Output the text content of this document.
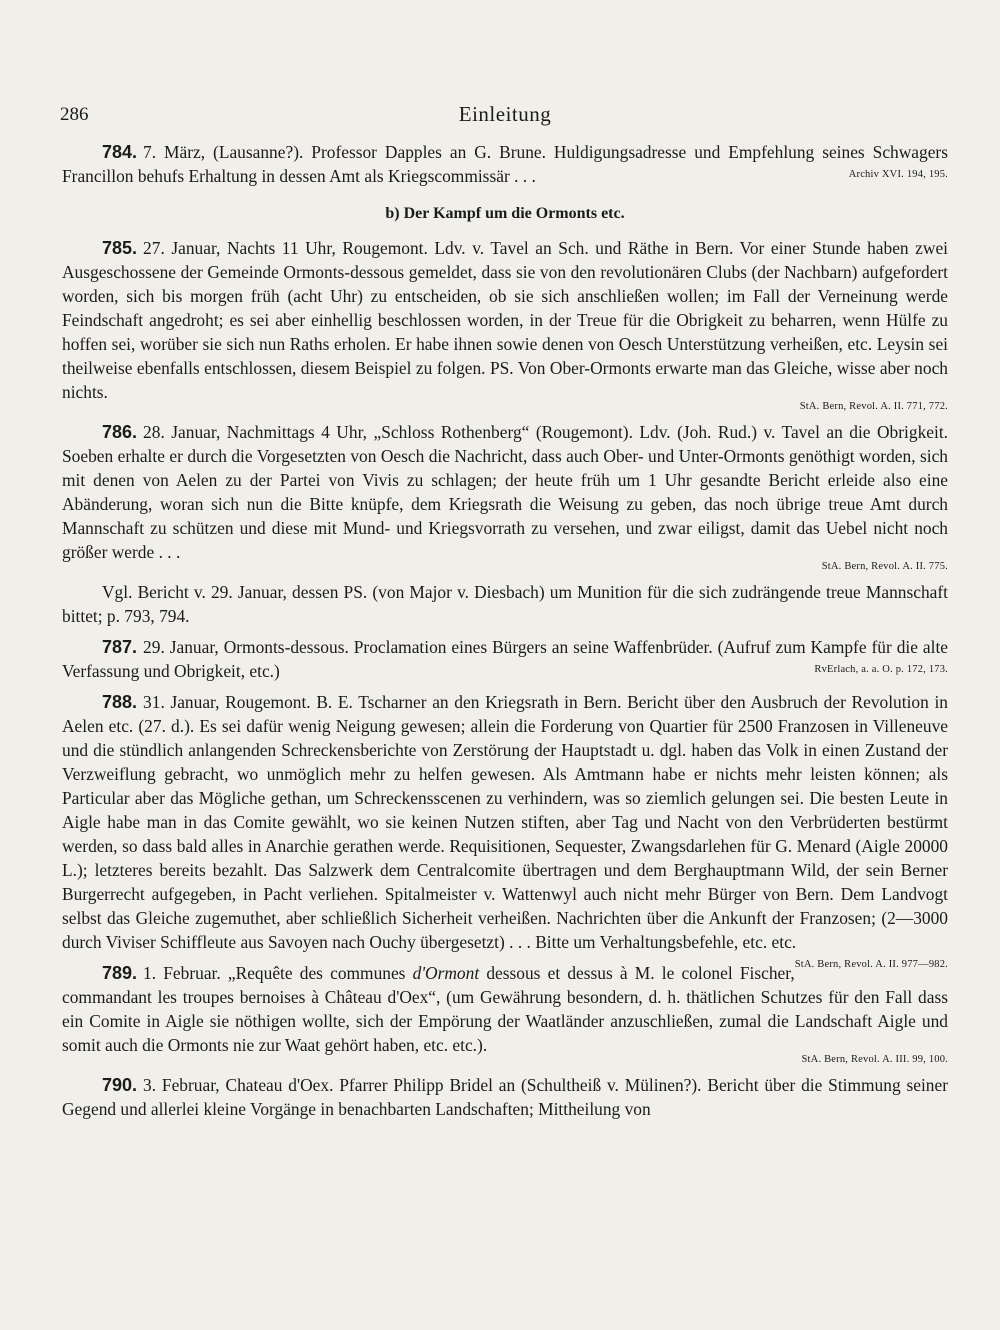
286	Einleitung

784. 7. März, (Lausanne?). Professor Dapples an G. Brune. Huldigungsadresse und Empfehlung seines Schwagers Francillon behufs Erhaltung in dessen Amt als Kriegscommissär . . .	Archiv XVI. 194, 195.

b) Der Kampf um die Ormonts etc.

785. 27. Januar, Nachts 11 Uhr, Rougemont. Ldv. v. Tavel an Sch. und Räthe in Bern. Vor einer Stunde haben zwei Ausgeschossene der Gemeinde Ormonts-dessous gemeldet, dass sie von den revolutionären Clubs (der Nachbarn) aufgefordert worden, sich bis morgen früh (acht Uhr) zu entscheiden, ob sie sich anschließen wollen; im Fall der Verneinung werde Feindschaft angedroht; es sei aber einhellig beschlossen worden, in der Treue für die Obrigkeit zu beharren, wenn Hülfe zu hoffen sei, worüber sie sich nun Raths erholen. Er habe ihnen sowie denen von Oesch Unterstützung verheißen, etc. Leysin sei theilweise ebenfalls entschlossen, diesem Beispiel zu folgen. PS. Von Ober-Ormonts erwarte man das Gleiche, wisse aber noch nichts.
StA. Bern, Revol. A. II. 771, 772.

786. 28. Januar, Nachmittags 4 Uhr, „Schloss Rothenberg“ (Rougemont). Ldv. (Joh. Rud.) v. Tavel an die Obrigkeit. Soeben erhalte er durch die Vorgesetzten von Oesch die Nachricht, dass auch Ober- und Unter-Ormonts genöthigt worden, sich mit denen von Aelen zu der Partei von Vivis zu schlagen; der heute früh um 1 Uhr gesandte Bericht erleide also eine Abänderung, woran sich nun die Bitte knüpfe, dem Kriegsrath die Weisung zu geben, das noch übrige treue Amt durch Mannschaft zu schützen und diese mit Mund- und Kriegsvorrath zu versehen, und zwar eiligst, damit das Uebel nicht noch größer werde . . .
StA. Bern, Revol. A. II. 775.

Vgl. Bericht v. 29. Januar, dessen PS. (von Major v. Diesbach) um Munition für die sich zudrängende treue Mannschaft bittet; p. 793, 794.

787. 29. Januar, Ormonts-dessous. Proclamation eines Bürgers an seine Waffenbrüder. (Aufruf zum Kampfe für die alte Verfassung und Obrigkeit, etc.)	RvErlach, a. a. O. p. 172, 173.

788. 31. Januar, Rougemont. B. E. Tscharner an den Kriegsrath in Bern. Bericht über den Ausbruch der Revolution in Aelen etc. (27. d.). Es sei dafür wenig Neigung gewesen; allein die Forderung von Quartier für 2500 Franzosen in Villeneuve und die stündlich anlangenden Schreckensberichte von Zerstörung der Hauptstadt u. dgl. haben das Volk in einen Zustand der Verzweiflung gebracht, wo unmöglich mehr zu helfen gewesen. Als Amtmann habe er nichts mehr leisten können; als Particular aber das Mögliche gethan, um Schreckensscenen zu verhindern, was so ziemlich gelungen sei. Die besten Leute in Aigle habe man in das Comite gewählt, wo sie keinen Nutzen stiften, aber Tag und Nacht von den Verbrüderten bestürmt werden, so dass bald alles in Anarchie gerathen werde. Requisitionen, Sequester, Zwangsdarlehen für G. Menard (Aigle 20000 L.); letzteres bereits bezahlt. Das Salzwerk dem Centralcomite übertragen und dem Berghauptmann Wild, der sein Berner Burgerrecht aufgegeben, in Pacht verliehen. Spitalmeister v. Wattenwyl auch nicht mehr Bürger von Bern. Dem Landvogt selbst das Gleiche zugemuthet, aber schließlich Sicherheit verheißen. Nachrichten über die Ankunft der Franzosen; (2—3000 durch Viviser Schiffleute aus Savoyen nach Ouchy übergesetzt) . . . Bitte um Verhaltungsbefehle, etc. etc.
StA. Bern, Revol. A. II. 977—982.

789. 1. Februar. „Requête des communes d'Ormont dessous et dessus à M. le colonel Fischer, commandant les troupes bernoises à Château d'Oex“, (um Gewährung besondern, d. h. thätlichen Schutzes für den Fall dass ein Comite in Aigle sie nöthigen wollte, sich der Empörung der Waatländer anzuschließen, zumal die Landschaft Aigle und somit auch die Ormonts nie zur Waat gehört haben, etc. etc.).
StA. Bern, Revol. A. III. 99, 100.

790. 3. Februar, Chateau d'Oex. Pfarrer Philipp Bridel an (Schultheiß v. Mülinen?). Bericht über die Stimmung seiner Gegend und allerlei kleine Vorgänge in benachbarten Landschaften; Mittheilung von
